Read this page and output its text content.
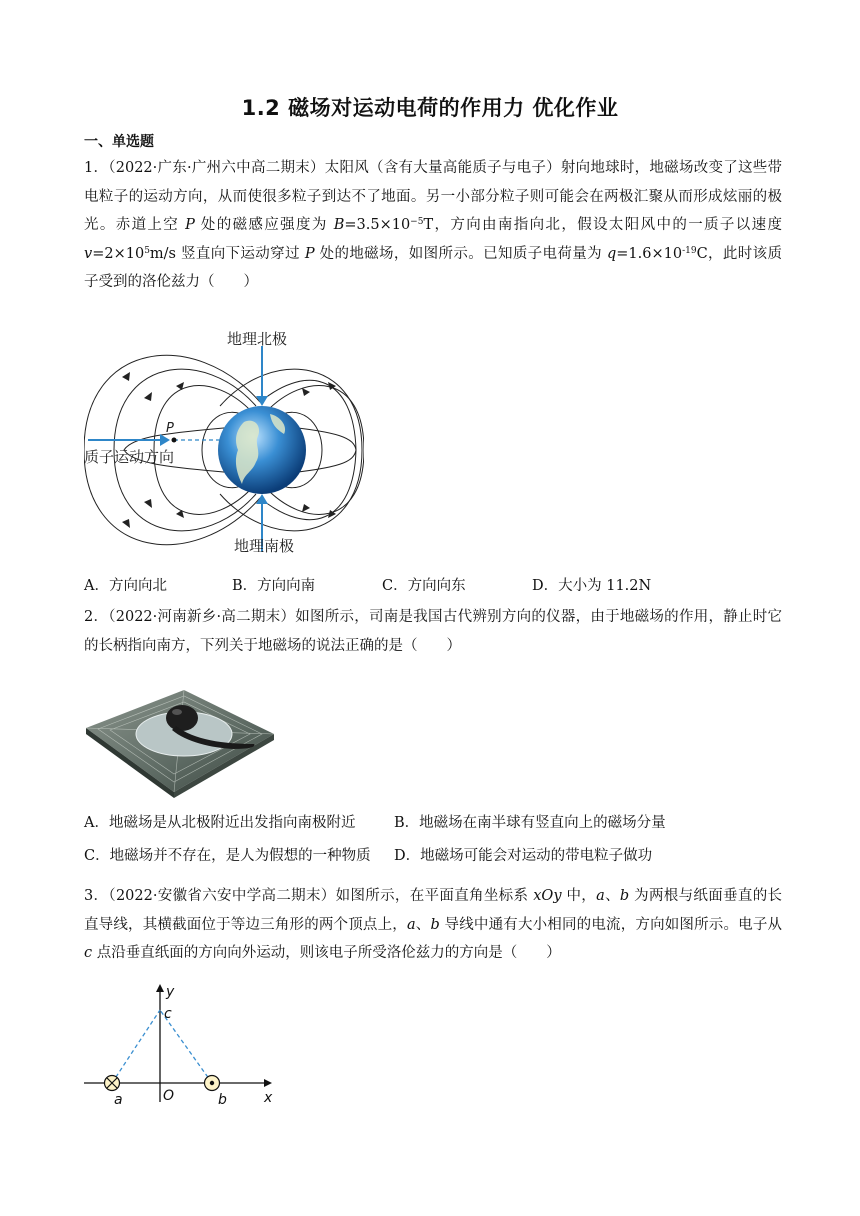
1.2 磁场对运动电荷的作用力 优化作业
一、单选题
1．（2022·广东·广州六中高二期末）太阳风（含有大量高能质子与电子）射向地球时，地磁场改变了这些带电粒子的运动方向，从而使很多粒子到达不了地面。另一小部分粒子则可能会在两极汇聚从而形成炫丽的极光。赤道上空 P 处的磁感应强度为 $B=3.5\times 10^{-5}T$，方向由南指向北，假设太阳风中的一质子以速度 $v=2\times 10^5m/s$ 竖直向下运动穿过 P 处的地磁场，如图所示。已知质子电荷量为 $q=1.6\times 10^{-19}C$，此时该质子受到的洛伦兹力（　　）
地理北极
地理南极
质子运动方向
P
A．方向向北	B．方向向南	C．方向向东	D．大小为 11.2N
2．（2022·河南新乡·高二期末）如图所示，司南是我国古代辨别方向的仪器，由于地磁场的作用，静止时它的长柄指向南方，下列关于地磁场的说法正确的是（　　）
A．地磁场是从北极附近出发指向南极附近	B．地磁场在南半球有竖直向上的磁场分量
C．地磁场并不存在，是人为假想的一种物质 D．地磁场可能会对运动的带电粒子做功
3．（2022·安徽省六安中学高二期末）如图所示，在平面直角坐标系 xOy 中，a、b 为两根与纸面垂直的长直导线，其横截面位于等边三角形的两个顶点上，a、b 导线中通有大小相同的电流，方向如图所示。电子从 c 点沿垂直纸面的方向向外运动，则该电子所受洛伦兹力的方向是（　　）
y
x
c
O
a	b
